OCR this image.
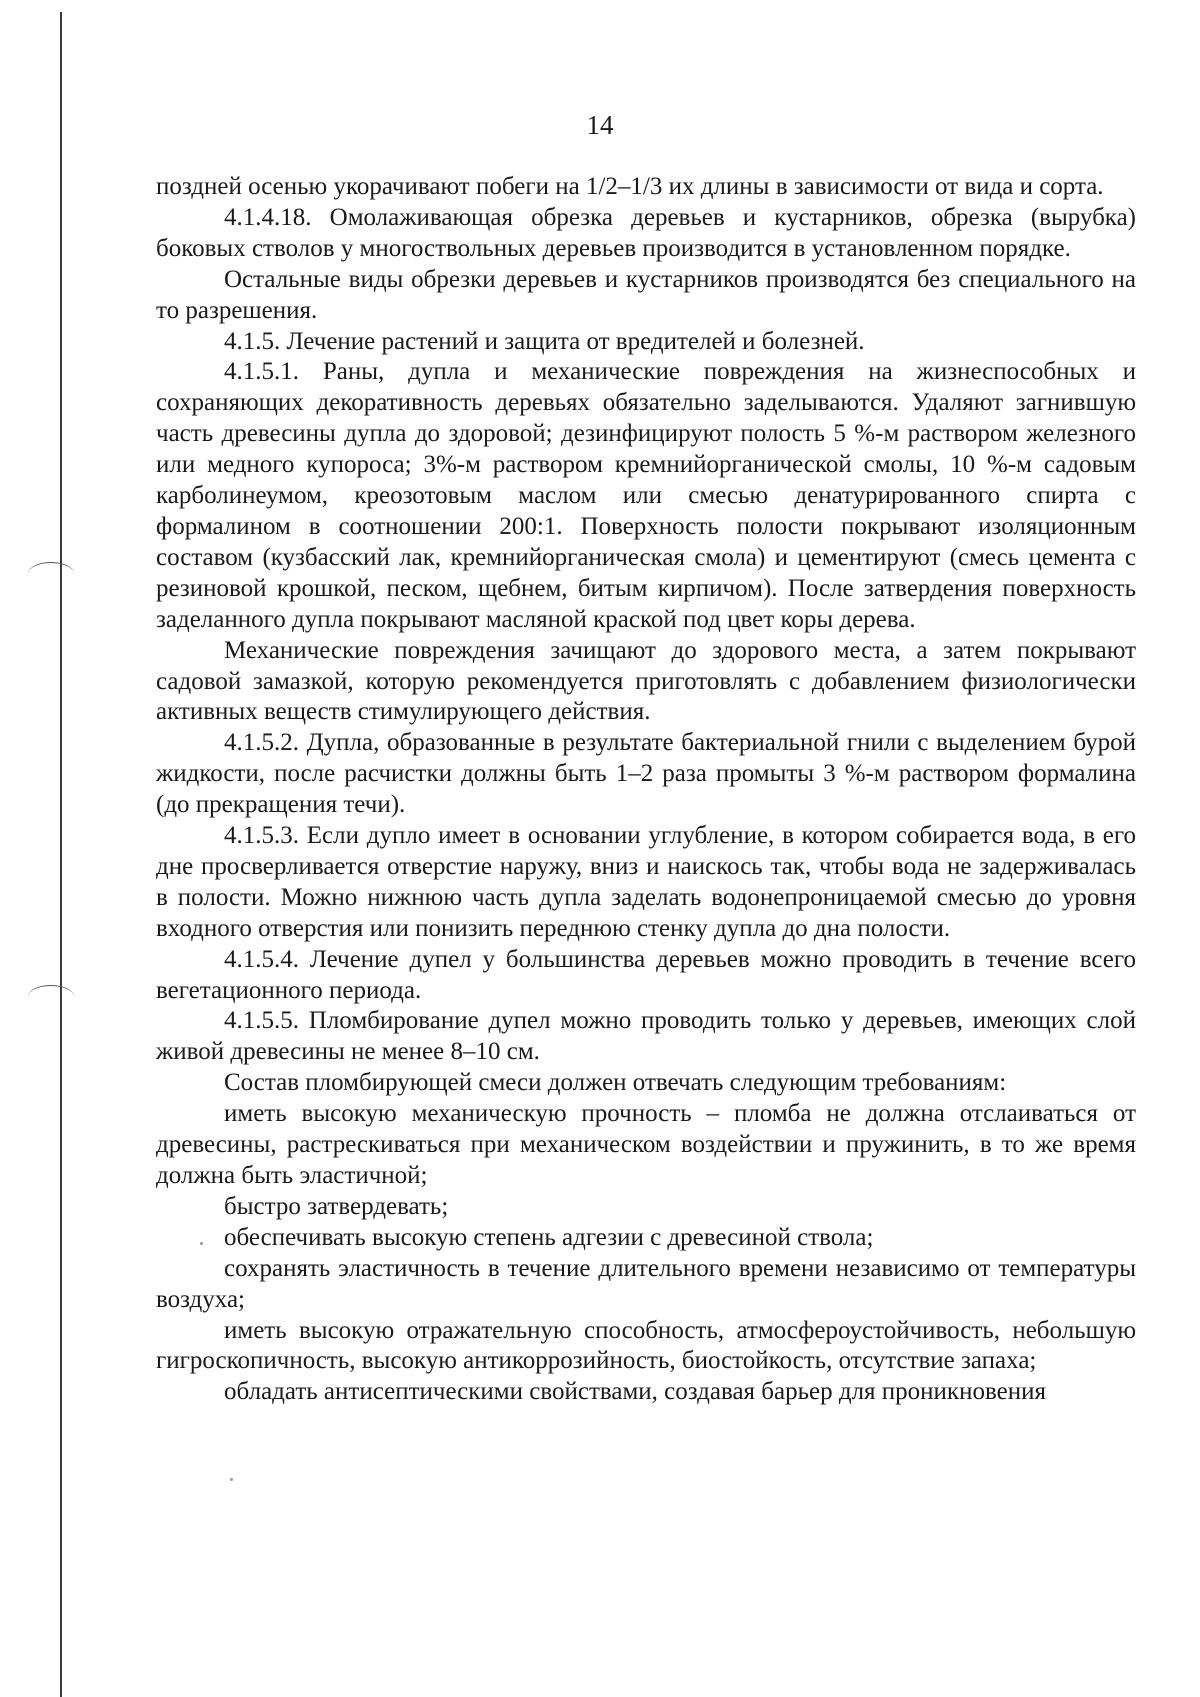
14

поздней осенью укорачивают побеги на 1/2–1/3 их длины в зависимости от вида и сорта.

4.1.4.18. Омолаживающая обрезка деревьев и кустарников, обрезка (вырубка) боковых стволов у многоствольных деревьев производится в установленном порядке.

Остальные виды обрезки деревьев и кустарников производятся без специального на то разрешения.

4.1.5. Лечение растений и защита от вредителей и болезней.

4.1.5.1. Раны, дупла и механические повреждения на жизнеспособных и сохраняющих декоративность деревьях обязательно заделываются. Удаляют загнившую часть древесины дупла до здоровой; дезинфицируют полость 5 %-м раствором железного или медного купороса; 3%-м раствором кремнийорганической смолы, 10 %-м садовым карболинеумом, креозотовым маслом или смесью денатурированного спирта с формалином в соотношении 200:1. Поверхность полости покрывают изоляционным составом (кузбасский лак, кремнийорганическая смола) и цементируют (смесь цемента с резиновой крошкой, песком, щебнем, битым кирпичом). После затвердения поверхность заделанного дупла покрывают масляной краской под цвет коры дерева.

Механические повреждения зачищают до здорового места, а затем покрывают садовой замазкой, которую рекомендуется приготовлять с добавлением физиологически активных веществ стимулирующего действия.

4.1.5.2. Дупла, образованные в результате бактериальной гнили с выделением бурой жидкости, после расчистки должны быть 1–2 раза промыты 3 %-м раствором формалина (до прекращения течи).

4.1.5.3. Если дупло имеет в основании углубление, в котором собирается вода, в его дне просверливается отверстие наружу, вниз и наискось так, чтобы вода не задерживалась в полости. Можно нижнюю часть дупла заделать водонепроницаемой смесью до уровня входного отверстия или понизить переднюю стенку дупла до дна полости.

4.1.5.4. Лечение дупел у большинства деревьев можно проводить в течение всего вегетационного периода.

4.1.5.5. Пломбирование дупел можно проводить только у деревьев, имеющих слой живой древесины не менее 8–10 см.

Состав пломбирующей смеси должен отвечать следующим требованиям:

иметь высокую механическую прочность – пломба не должна отслаиваться от древесины, растрескиваться при механическом воздействии и пружинить, в то же время должна быть эластичной;

быстро затвердевать;

обеспечивать высокую степень адгезии с древесиной ствола;

сохранять эластичность в течение длительного времени независимо от температуры воздуха;

иметь высокую отражательную способность, атмосфероустойчивость, небольшую гигроскопичность, высокую антикоррозийность, биостойкость, отсутствие запаха;

обладать антисептическими свойствами, создавая барьер для проникновения
